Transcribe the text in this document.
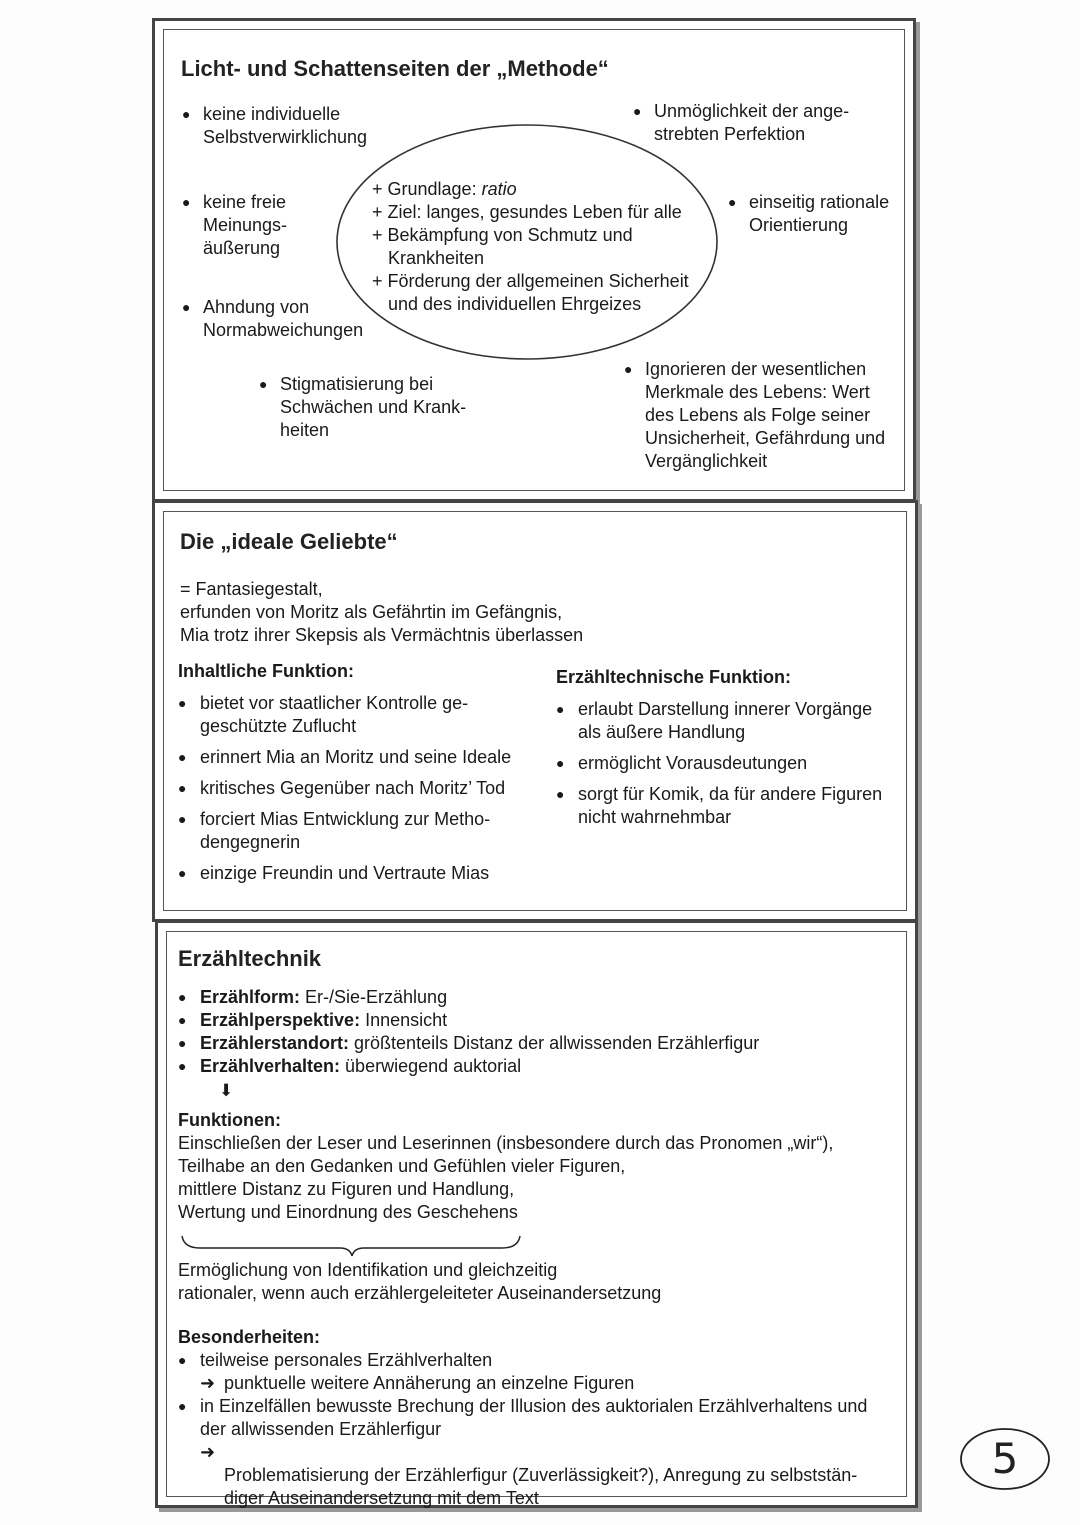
Licht- und Schattenseiten der „Methode“
+ Grundlage: ratio
+ Ziel: langes, gesundes Leben für alle
+ Bekämpfung von Schmutz und
Krankheiten
+ Förderung der allgemeinen Sicherheit
und des individuellen Ehrgeizes
● keine individuelle
Selbstverwirklichung
● keine freie
Meinungs-
äußerung
● Ahndung von
Normabweichungen
● Stigmatisierung bei
Schwächen und Krank-
heiten
● Unmöglichkeit der ange-
strebten Perfektion
● einseitig rationale
Orientierung
● Ignorieren der wesentlichen
Merkmale des Lebens: Wert
des Lebens als Folge seiner
Unsicherheit, Gefährdung und
Vergänglichkeit
Die „ideale Geliebte“
= Fantasiegestalt,
erfunden von Moritz als Gefährtin im Gefängnis,
Mia trotz ihrer Skepsis als Vermächtnis überlassen
Inhaltliche Funktion:
● bietet vor staatlicher Kontrolle ge-
geschützte Zuflucht
● erinnert Mia an Moritz und seine Ideale
● kritisches Gegenüber nach Moritz’ Tod
● forciert Mias Entwicklung zur Metho-
dengegnerin
● einzige Freundin und Vertraute Mias
Erzähltechnische Funktion:
● erlaubt Darstellung innerer Vorgänge
als äußere Handlung
● ermöglicht Vorausdeutungen
● sorgt für Komik, da für andere Figuren
nicht wahrnehmbar
Erzähltechnik
● Erzählform: Er-/Sie-Erzählung
● Erzählperspektive: Innensicht
● Erzählerstandort: größtenteils Distanz der allwissenden Erzählerfigur
● Erzählverhalten: überwiegend auktorial
⬇
Funktionen:
Einschließen der Leser und Leserinnen (insbesondere durch das Pronomen „wir“),
Teilhabe an den Gedanken und Gefühlen vieler Figuren,
mittlere Distanz zu Figuren und Handlung,
Wertung und Einordnung des Geschehens
Ermöglichung von Identifikation und gleichzeitig
rationaler, wenn auch erzählergeleiteter Auseinandersetzung
Besonderheiten:
● teilweise personales Erzählverhalten
➜ punktuelle weitere Annäherung an einzelne Figuren
● in Einzelfällen bewusste Brechung der Illusion des auktorialen Erzählverhaltens und
der allwissenden Erzählerfigur

➜
Problematisierung der Erzählerfigur (Zuverlässigkeit?), Anregung zu selbststän-
diger Auseinandersetzung mit dem Text

5
